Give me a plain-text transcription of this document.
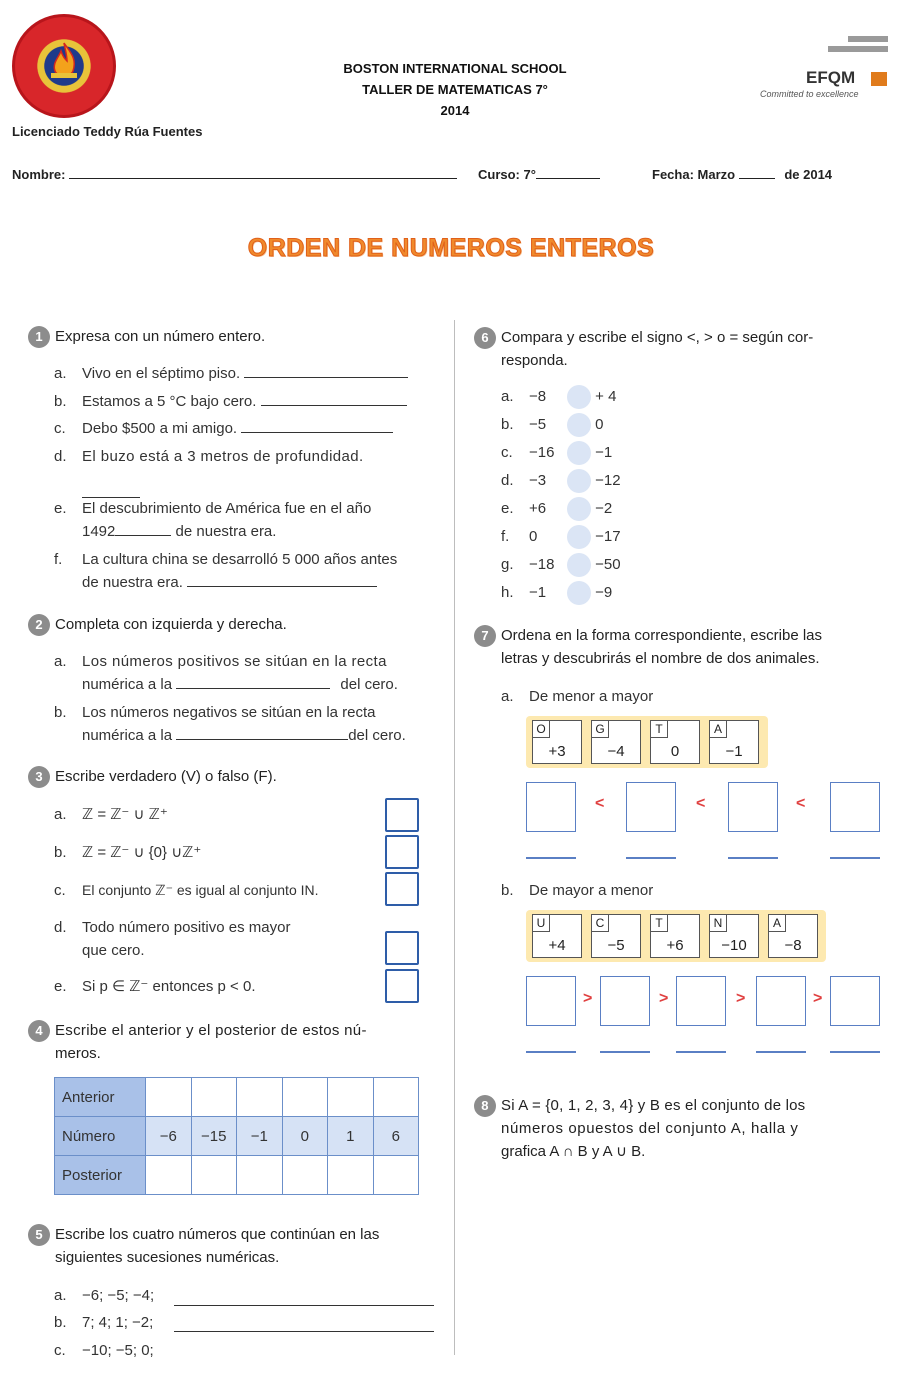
BOSTON INTERNATIONAL SCHOOL
TALLER DE MATEMATICAS 7°
2014
EFQM
Committed to excellence
Licenciado Teddy Rúa Fuentes
Nombre:	Curso: 7°	Fecha: Marzo	de 2014
ORDEN DE NUMEROS ENTEROS
1 Expresa con un número entero.
a. Vivo en el séptimo piso.
b. Estamos a 5 °C bajo cero.
c. Debo $500 a mi amigo.
d. El buzo está a 3 metros de profundidad.
e. El descubrimiento de América fue en el año
1492	de nuestra era.
f. La cultura china se desarrolló 5 000 años antes
de nuestra era.
2 Completa con izquierda y derecha.
a. Los números positivos se sitúan en la recta
numérica a la	del cero.
b. Los números negativos se sitúan en la recta
numérica a la	del cero.
3 Escribe verdadero (V) o falso (F).
a. ℤ = ℤ⁻ ∪ ℤ⁺
b. ℤ = ℤ⁻ ∪ {0} ∪ℤ⁺
c. El conjunto ℤ⁻ es igual al conjunto IN.
d. Todo número positivo es mayor
que cero.
e. Si p ∈ ℤ⁻ entonces p < 0.
4 Escribe el anterior y el posterior de estos nú-
meros.
Anterior						
Número	−6	−15	−1	0	1	6
Posterior						
5 Escribe los cuatro números que continúan en las
siguientes sucesiones numéricas.
a. −6; −5; −4;
b. 7; 4; 1; −2;
c. −10; −5; 0;
6 Compara y escribe el signo <, > o = según cor-
responda.
a. −8	+ 4
b. −5	0
c. −16	−1
d. −3	−12
e. +6	−2
f. 0	−17
g. −18	−50
h. −1	−9
7 Ordena en la forma correspondiente, escribe las
letras y descubrirás el nombre de dos animales.
a. De menor a mayor
O
+3
G
−4
T
0
A
−1
<	<	<
b. De mayor a menor
U
+4
C
−5
T
+6
N
−10
A
−8
>	>	>	>
8 Si A = {0, 1, 2, 3, 4} y B es el conjunto de los
números opuestos del conjunto A, halla y
grafica A ∩ B y A ∪ B.
